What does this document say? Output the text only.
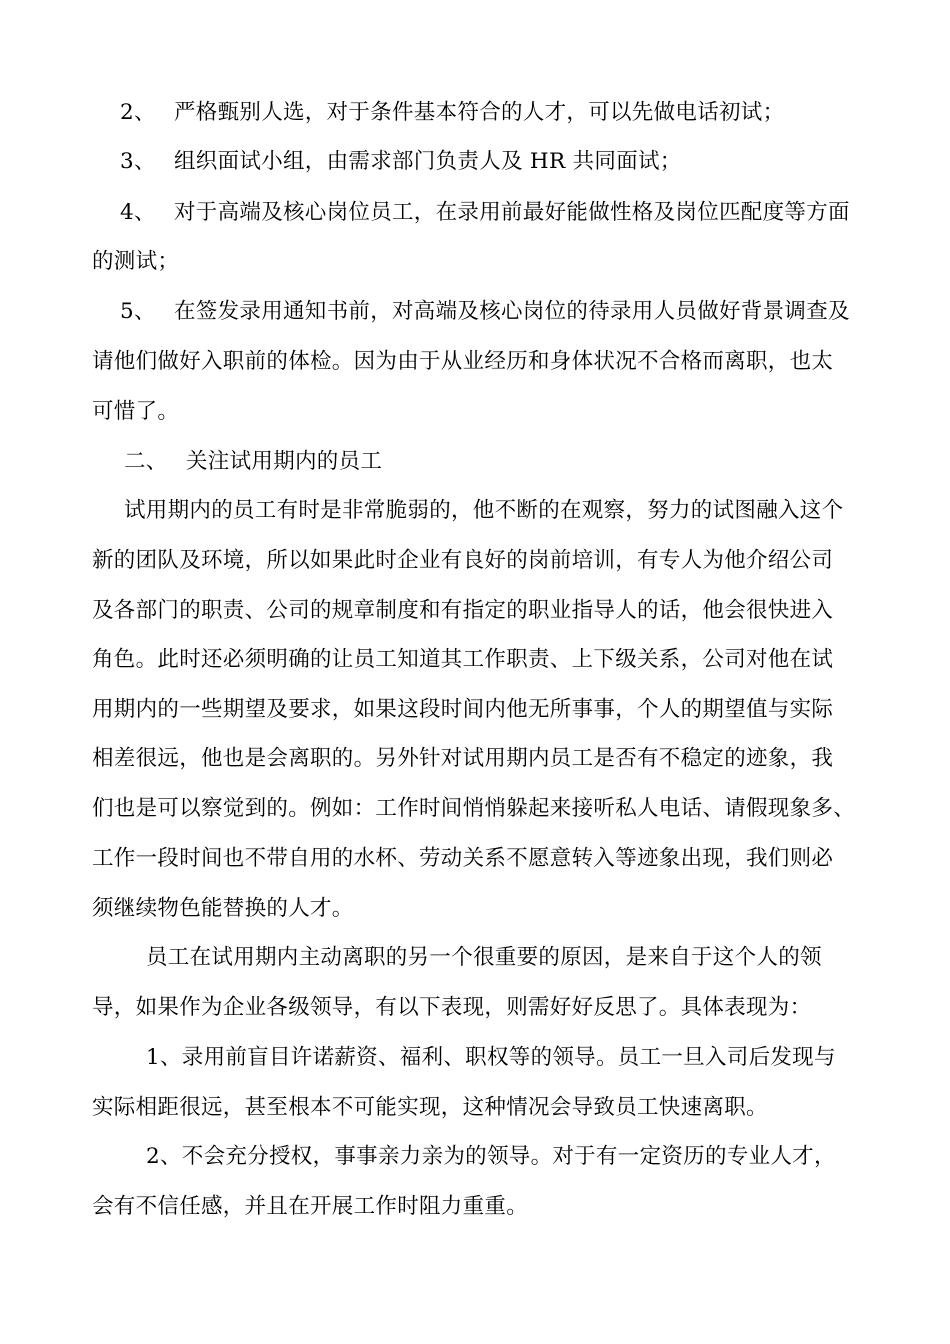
2、 严格甄别人选，对于条件基本符合的人才，可以先做电话初试；
3、 组织面试小组，由需求部门负责人及 HR 共同面试；
4、 对于高端及核心岗位员工，在录用前最好能做性格及岗位匹配度等方面
的测试；
5、 在签发录用通知书前，对高端及核心岗位的待录用人员做好背景调查及
请他们做好入职前的体检。因为由于从业经历和身体状况不合格而离职，也太
可惜了。
二、 关注试用期内的员工
试用期内的员工有时是非常脆弱的，他不断的在观察，努力的试图融入这个
新的团队及环境，所以如果此时企业有良好的岗前培训，有专人为他介绍公司
及各部门的职责、公司的规章制度和有指定的职业指导人的话，他会很快进入
角色。此时还必须明确的让员工知道其工作职责、上下级关系，公司对他在试
用期内的一些期望及要求，如果这段时间内他无所事事，个人的期望值与实际
相差很远，他也是会离职的。另外针对试用期内员工是否有不稳定的迹象，我
们也是可以察觉到的。例如：工作时间悄悄躲起来接听私人电话、请假现象多、
工作一段时间也不带自用的水杯、劳动关系不愿意转入等迹象出现，我们则必
须继续物色能替换的人才。
员工在试用期内主动离职的另一个很重要的原因，是来自于这个人的领
导，如果作为企业各级领导，有以下表现，则需好好反思了。具体表现为：
1、录用前盲目许诺薪资、福利、职权等的领导。员工一旦入司后发现与
实际相距很远，甚至根本不可能实现，这种情况会导致员工快速离职。
2、不会充分授权，事事亲力亲为的领导。对于有一定资历的专业人才，
会有不信任感，并且在开展工作时阻力重重。
